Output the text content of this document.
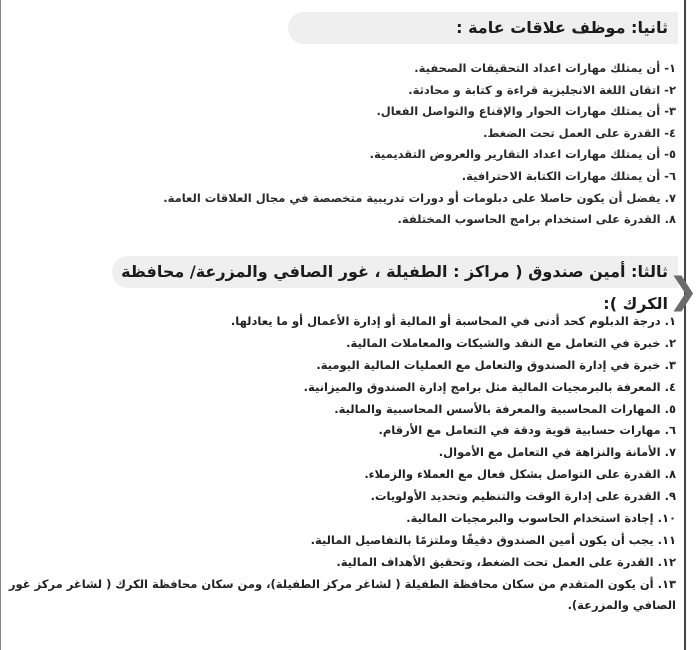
ثانيا: موظف علاقات عامة :
١- أن يمتلك مهارات اعداد التحقيقات الصحفية.
٢- اتقان اللغة الانجليزية قراءة و كتابة و محادثة.
٣- أن يمتلك مهارات الحوار والإقناع والتواصل الفعال.
٤- القدرة على العمل تحت الضغط.
٥- أن يمتلك مهارات اعداد التقارير والعروض التقديمية.
٦- أن يمتلك مهارات الكتابة الاحترافية.
٧. يفضل أن يكون حاصلا على دبلومات أو دورات تدريبية متخصصة في مجال العلاقات العامة.
٨. القدرة على استخدام برامج الحاسوب المختلفة.
ثالثا: أمين صندوق ( مراكز : الطفيلة ، غور الصافي والمزرعة/ محافظة الكرك ):
١. درجة الدبلوم كحد أدنى في المحاسبة أو المالية أو إدارة الأعمال أو ما يعادلها.
٢. خبرة في التعامل مع النقد والشيكات والمعاملات المالية.
٣. خبرة في إدارة الصندوق والتعامل مع العمليات المالية اليومية.
٤. المعرفة بالبرمجيات المالية مثل برامج إدارة الصندوق والميزانية.
٥. المهارات المحاسبية والمعرفة بالأسس المحاسبية والمالية.
٦. مهارات حسابية قوية ودقة في التعامل مع الأرقام.
٧. الأمانة والنزاهة في التعامل مع الأموال.
٨. القدرة على التواصل بشكل فعال مع العملاء والزملاء.
٩. القدرة على إدارة الوقت والتنظيم وتحديد الأولويات.
١٠. إجادة استخدام الحاسوب والبرمجيات المالية.
١١. يجب أن يكون أمين الصندوق دقيقًا وملتزمًا بالتفاصيل المالية.
١٢. القدرة على العمل تحت الضغط، وتحقيق الأهداف المالية.
١٣. أن يكون المتقدم من سكان محافظة الطفيلة ( لشاغر مركز الطفيلة)، ومن سكان محافظة الكرك ( لشاغر مركز غور الصافي والمزرعة).
❯
